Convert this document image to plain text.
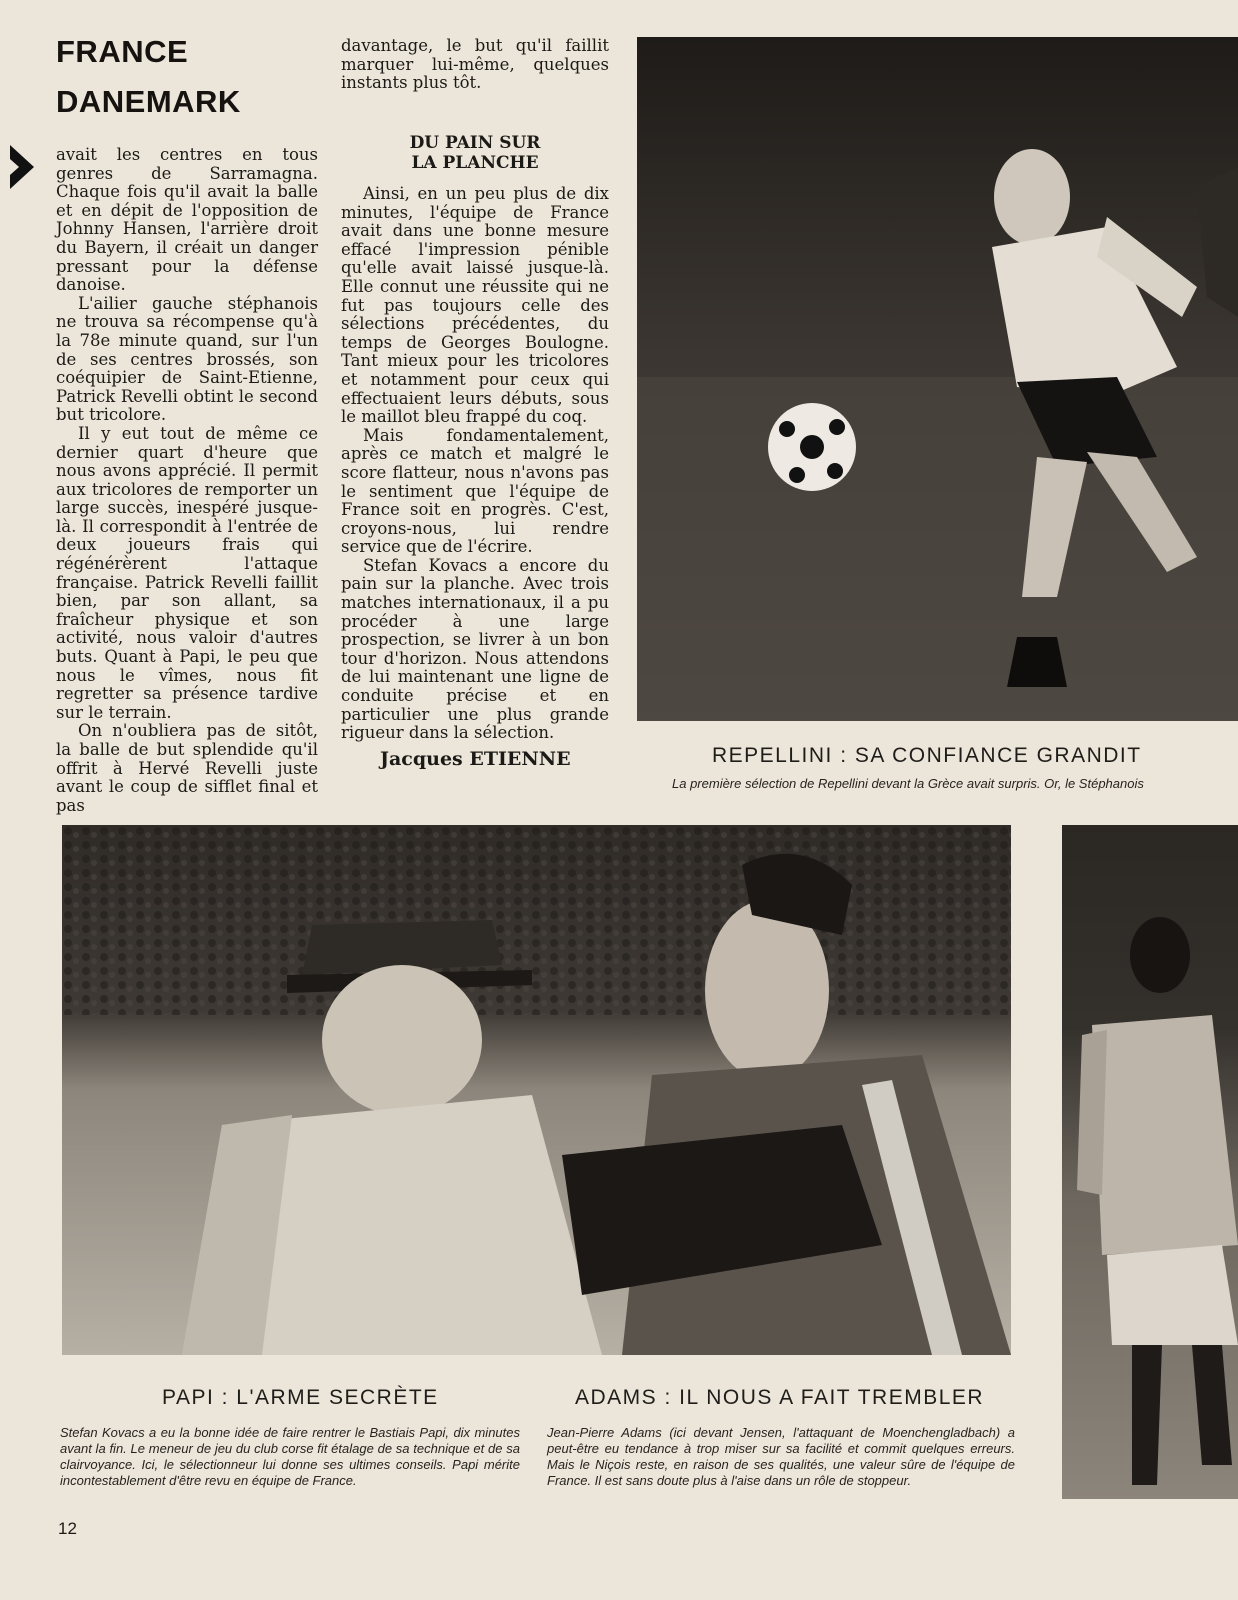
FRANCE
DANEMARK

avait les centres en tous genres de Sarramagna. Chaque fois qu'il avait la balle et en dépit de l'opposition de Johnny Hansen, l'arrière droit du Bayern, il créait un danger pressant pour la défense danoise.

L'ailier gauche stéphanois ne trouva sa récompense qu'à la 78e minute quand, sur l'un de ses centres brossés, son coéquipier de Saint-Etienne, Patrick Revelli obtint le second but tricolore.

Il y eut tout de même ce dernier quart d'heure que nous avons apprécié. Il permit aux tricolores de remporter un large succès, inespéré jusque-là. Il correspondit à l'entrée de deux joueurs frais qui régénérèrent l'attaque française. Patrick Revelli faillit bien, par son allant, sa fraîcheur physique et son activité, nous valoir d'autres buts. Quant à Papi, le peu que nous le vîmes, nous fit regretter sa présence tardive sur le terrain.

On n'oubliera pas de sitôt, la balle de but splendide qu'il offrit à Hervé Revelli juste avant le coup de sifflet final et pas

davantage, le but qu'il faillit marquer lui-même, quelques instants plus tôt.

DU PAIN SUR
LA PLANCHE

Ainsi, en un peu plus de dix minutes, l'équipe de France avait dans une bonne mesure effacé l'impression pénible qu'elle avait laissé jusque-là. Elle connut une réussite qui ne fut pas toujours celle des sélections précédentes, du temps de Georges Boulogne. Tant mieux pour les tricolores et notamment pour ceux qui effectuaient leurs débuts, sous le maillot bleu frappé du coq.

Mais fondamentalement, après ce match et malgré le score flatteur, nous n'avons pas le sentiment que l'équipe de France soit en progrès. C'est, croyons-nous, lui rendre service que de l'écrire.

Stefan Kovacs a encore du pain sur la planche. Avec trois matches internationaux, il a pu procéder à une large prospection, se livrer à un bon tour d'horizon. Nous attendons de lui maintenant une ligne de conduite précise et en particulier une plus grande rigueur dans la sélection.

Jacques ETIENNE	REPELLINI : SA CONFIANCE GRANDIT
La première sélection de Repellini devant la Grèce avait surpris. Or, le Stéphanois
PAPI : L'ARME SECRÈTE
Stefan Kovacs a eu la bonne idée de faire rentrer le Bastiais Papi, dix minutes avant la fin. Le meneur de jeu du club corse fit étalage de sa technique et de sa clairvoyance. Ici, le sélectionneur lui donne ses ultimes conseils. Papi mérite incontestablement d'être revu en équipe de France.
ADAMS : IL NOUS A FAIT TREMBLER
Jean-Pierre Adams (ici devant Jensen, l'attaquant de Moenchengladbach) a peut-être eu tendance à trop miser sur sa facilité et commit quelques erreurs. Mais le Niçois reste, en raison de ses qualités, une valeur sûre de l'équipe de France. Il est sans doute plus à l'aise dans un rôle de stoppeur.
12
